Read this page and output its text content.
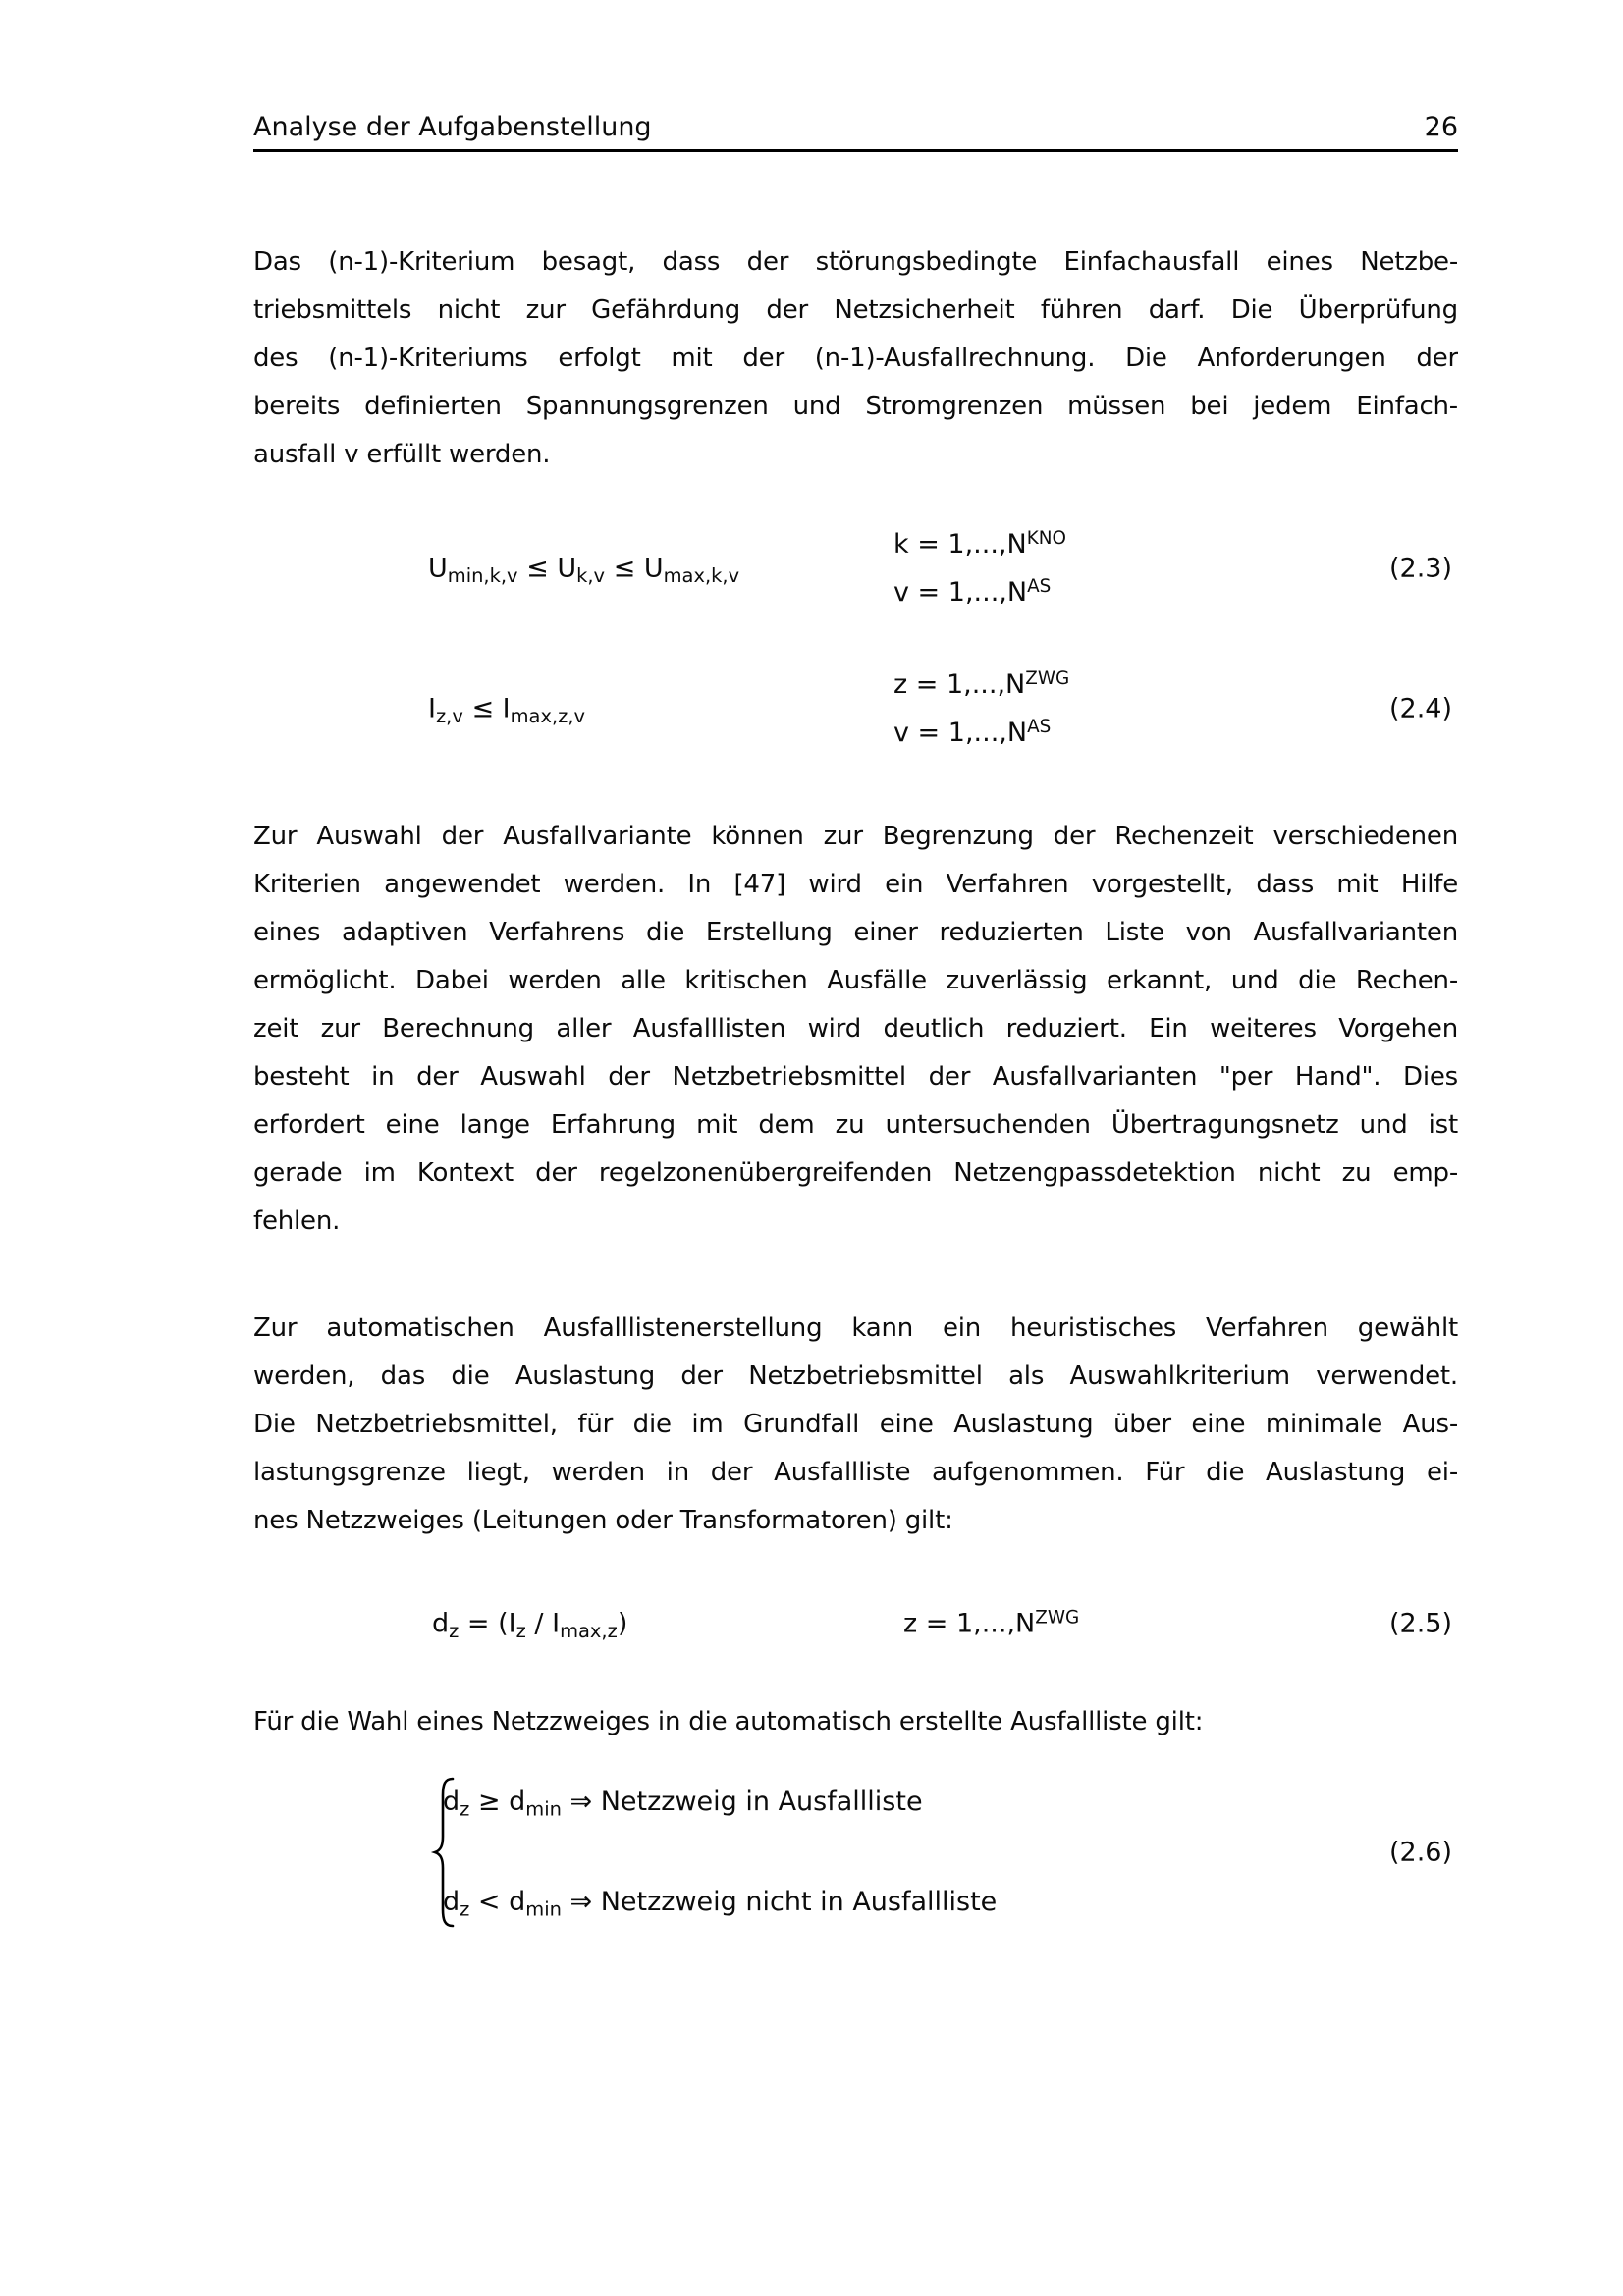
Analyse der Aufgabenstellung	26
Das (n-1)-Kriterium besagt, dass der störungsbedingte Einfachausfall eines Netzbe-
triebsmittels nicht zur Gefährdung der Netzsicherheit führen darf. Die Überprüfung
des (n-1)-Kriteriums erfolgt mit der (n-1)-Ausfallrechnung. Die Anforderungen der
bereits definierten Spannungsgrenzen und Stromgrenzen müssen bei jedem Einfach-
ausfall v erfüllt werden.
$U_{min,k,v} \le U_{k,v} \le U_{max,k,v}$
$k = 1,...,N^{KNO}$
$v = 1,...,N^{AS}$
(2.3)
$I_{z,v} \le I_{max,z,v}$
$z = 1,...,N^{ZWG}$
$v = 1,...,N^{AS}$
(2.4)
Zur Auswahl der Ausfallvariante können zur Begrenzung der Rechenzeit verschiedenen
Kriterien angewendet werden. In [47] wird ein Verfahren vorgestellt, dass mit Hilfe
eines adaptiven Verfahrens die Erstellung einer reduzierten Liste von Ausfallvarianten
ermöglicht. Dabei werden alle kritischen Ausfälle zuverlässig erkannt, und die Rechen-
zeit zur Berechnung aller Ausfalllisten wird deutlich reduziert. Ein weiteres Vorgehen
besteht in der Auswahl der Netzbetriebsmittel der Ausfallvarianten "per Hand". Dies
erfordert eine lange Erfahrung mit dem zu untersuchenden Übertragungsnetz und ist
gerade im Kontext der regelzonenübergreifenden Netzengpassdetektion nicht zu emp-
fehlen.
Zur automatischen Ausfalllistenerstellung kann ein heuristisches Verfahren gewählt
werden, das die Auslastung der Netzbetriebsmittel als Auswahlkriterium verwendet.
Die Netzbetriebsmittel, für die im Grundfall eine Auslastung über eine minimale Aus-
lastungsgrenze liegt, werden in der Ausfallliste aufgenommen. Für die Auslastung ei-
nes Netzzweiges (Leitungen oder Transformatoren) gilt:
$d_z = (I_z / I_{max,z})$	$z = 1,...,N^{ZWG}$	(2.5)
Für die Wahl eines Netzzweiges in die automatisch erstellte Ausfallliste gilt:
$d_z \ge d_{min}$ ⇒ Netzzweig in Ausfallliste
$d_z < d_{min}$ ⇒ Netzzweig nicht in Ausfallliste
(2.6)
